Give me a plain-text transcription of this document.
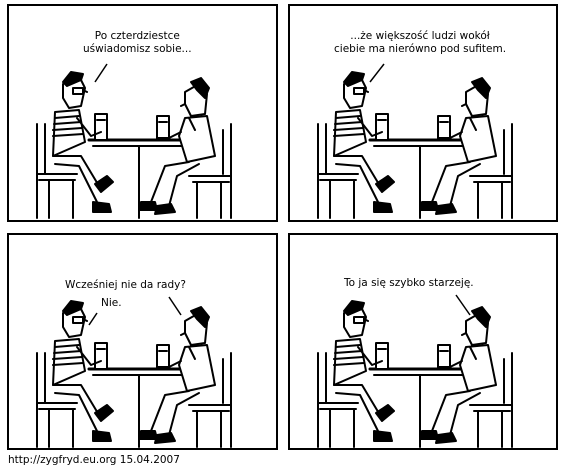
Po czterdziestce
uświadomisz sobie...

...że większość ludzi wokół
ciebie ma nierówno pod sufitem.

Wcześniej nie da rady?

Nie.

To ja się szybko starzeję.

http://zygfryd.eu.org 15.04.2007
